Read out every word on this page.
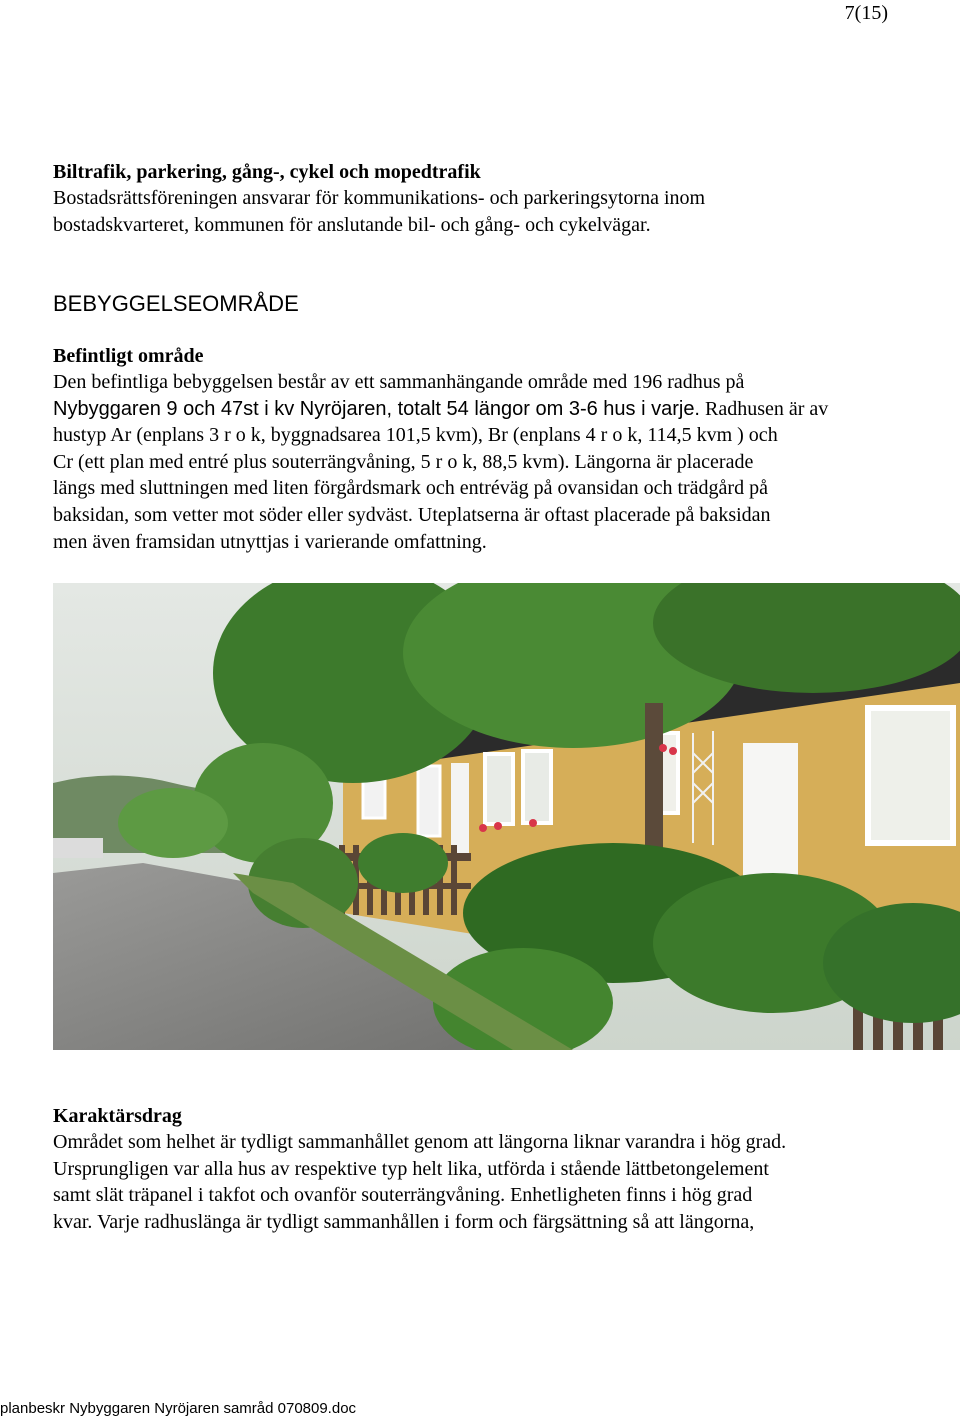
7(15)

Biltrafik, parkering, gång-, cykel och mopedtrafik

Bostadsrättsföreningen ansvarar för kommunikations- och parkeringsytorna inom

bostadskvarteret, kommunen för anslutande bil- och gång- och cykelvägar.

BEBYGGELSEOMRÅDE

Befintligt område

Den befintliga bebyggelsen består av ett sammanhängande område med 196 radhus på

Nybyggaren 9 och 47st i kv Nyröjaren, totalt 54 längor om 3-6 hus i varje. Radhusen är av

hustyp Ar (enplans 3 r o k, byggnadsarea 101,5 kvm), Br (enplans 4 r o k, 114,5 kvm ) och

Cr (ett plan med entré plus souterrängvåning, 5 r o k, 88,5 kvm). Längorna är placerade

längs med sluttningen med liten förgårdsmark och entréväg på ovansidan och trädgård på

baksidan, som vetter mot söder eller sydväst. Uteplatserna är oftast placerade på baksidan

men även framsidan utnyttjas i varierande omfattning.

Karaktärsdrag

Området som helhet är tydligt sammanhållet genom att längorna liknar varandra i hög grad.

Ursprungligen var alla hus av respektive typ helt lika, utförda i stående lättbetongelement

samt slät träpanel i takfot och ovanför souterrängvåning. Enhetligheten finns i hög grad

kvar. Varje radhuslänga är tydligt sammanhållen i form och färgsättning så att längorna,

planbeskr Nybyggaren Nyröjaren samråd 070809.doc
